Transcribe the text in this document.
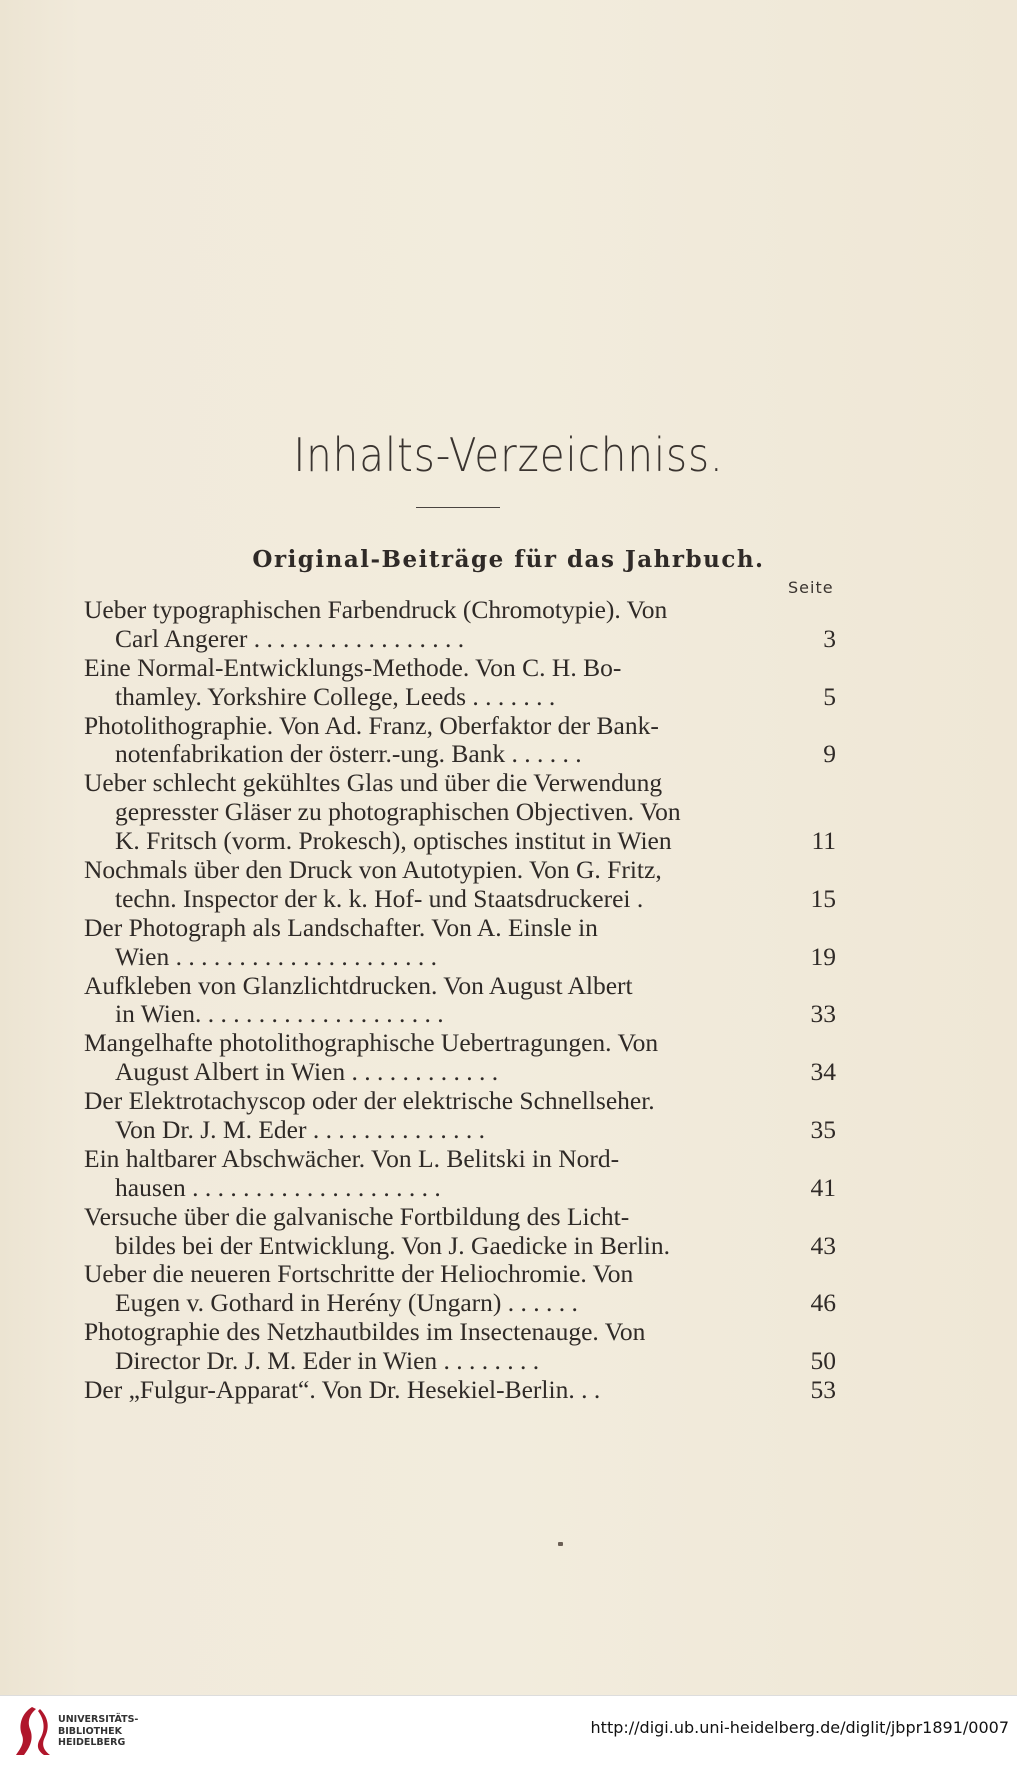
Inhalts-Verzeichniss.
Original-Beiträge für das Jahrbuch.
Seite
Ueber typographischen Farbendruck (Chromotypie). Von
Carl Angerer . . . . . . . . . . . . . . . . .	3
Eine Normal-Entwicklungs-Methode. Von C. H. Bo-
thamley. Yorkshire College, Leeds . . . . . . .	5
Photolithographie. Von Ad. Franz, Oberfaktor der Bank-
notenfabrikation der österr.-ung. Bank . . . . . .	9
Ueber schlecht gekühltes Glas und über die Verwendung
gepresster Gläser zu photographischen Objectiven. Von
K. Fritsch (vorm. Prokesch), optisches institut in Wien	11
Nochmals über den Druck von Autotypien. Von G. Fritz,
techn. Inspector der k. k. Hof- und Staatsdruckerei .	15
Der Photograph als Landschafter. Von A. Einsle in
Wien . . . . . . . . . . . . . . . . . . . . .	19
Aufkleben von Glanzlichtdrucken. Von August Albert
in Wien. . . . . . . . . . . . . . . . . . . .	33
Mangelhafte photolithographische Uebertragungen. Von
August Albert in Wien . . . . . . . . . . . .	34
Der Elektrotachyscop oder der elektrische Schnellseher.
Von Dr. J. M. Eder . . . . . . . . . . . . . .	35
Ein haltbarer Abschwächer. Von L. Belitski in Nord-
hausen . . . . . . . . . . . . . . . . . . . .	41
Versuche über die galvanische Fortbildung des Licht-
bildes bei der Entwicklung. Von J. Gaedicke in Berlin.	43
Ueber die neueren Fortschritte der Heliochromie. Von
Eugen v. Gothard in Herény (Ungarn) . . . . . .	46
Photographie des Netzhautbildes im Insectenauge. Von
Director Dr. J. M. Eder in Wien . . . . . . . .	50
Der „Fulgur-Apparat“. Von Dr. Hesekiel-Berlin. . .	53
UNIVERSITÄTS-
BIBLIOTHEK
HEIDELBERG
http://digi.ub.uni-heidelberg.de/diglit/jbpr1891/0007
